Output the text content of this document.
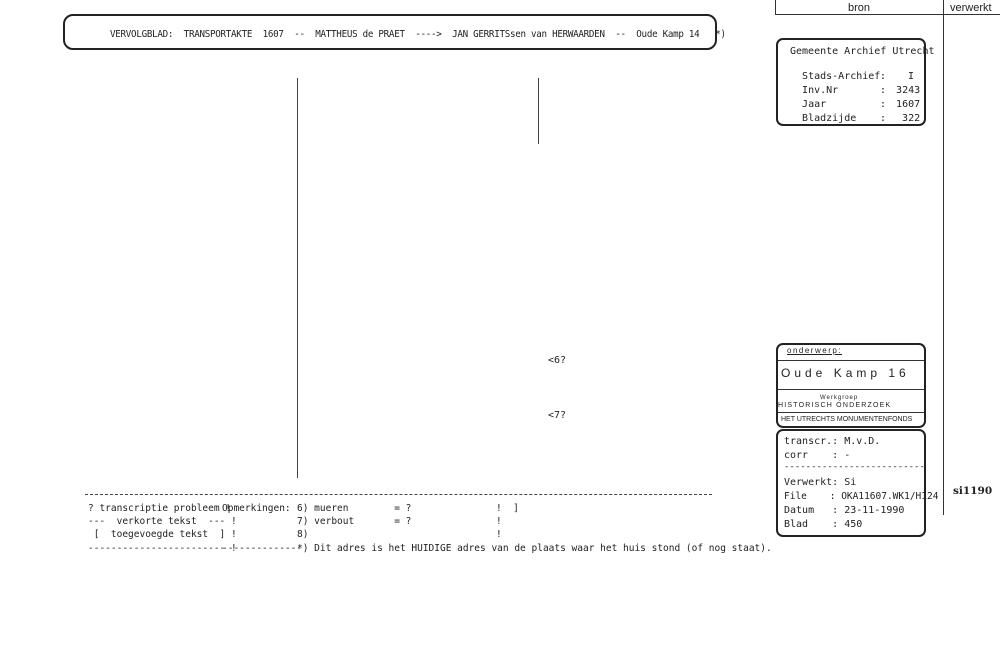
VERVOLGBLAD:  TRANSPORTAKTE  1607  --  MATTHEUS de PRAET  ---->  JAN GERRITSsen van HERWAARDEN  --  Oude Kamp 14   *)
<6?
<7?
bron	verwerkt
Gemeente Archief Utrecht

Stads-Archief: I

Inv.Nr	: 3243

Jaar	: 1607

Bladzijde : 322

onderwerp:
Oude Kamp 16
Werkgroep
HISTORISCH ONDERZOEK
HET UTRECHTS MONUMENTENFONDS
transcr.: M.v.D.
corr    : -
--------------------------
Verwerkt: Si
File    : OKA11607.WK1/H124
Datum   : 23-11-1990
Blad    : 450
si1190
? transcriptie probleem !
---  verkorte tekst  --- !
[  toegevoegde tekst  ] !
------------------------ !
Opmerkingen:
--------------
6) mueren        = ?
7) verbout       = ?
8)
*) Dit adres is het HUIDIGE adres van de plaats waar het huis stond (of nog staat).
!  ]
!
!
